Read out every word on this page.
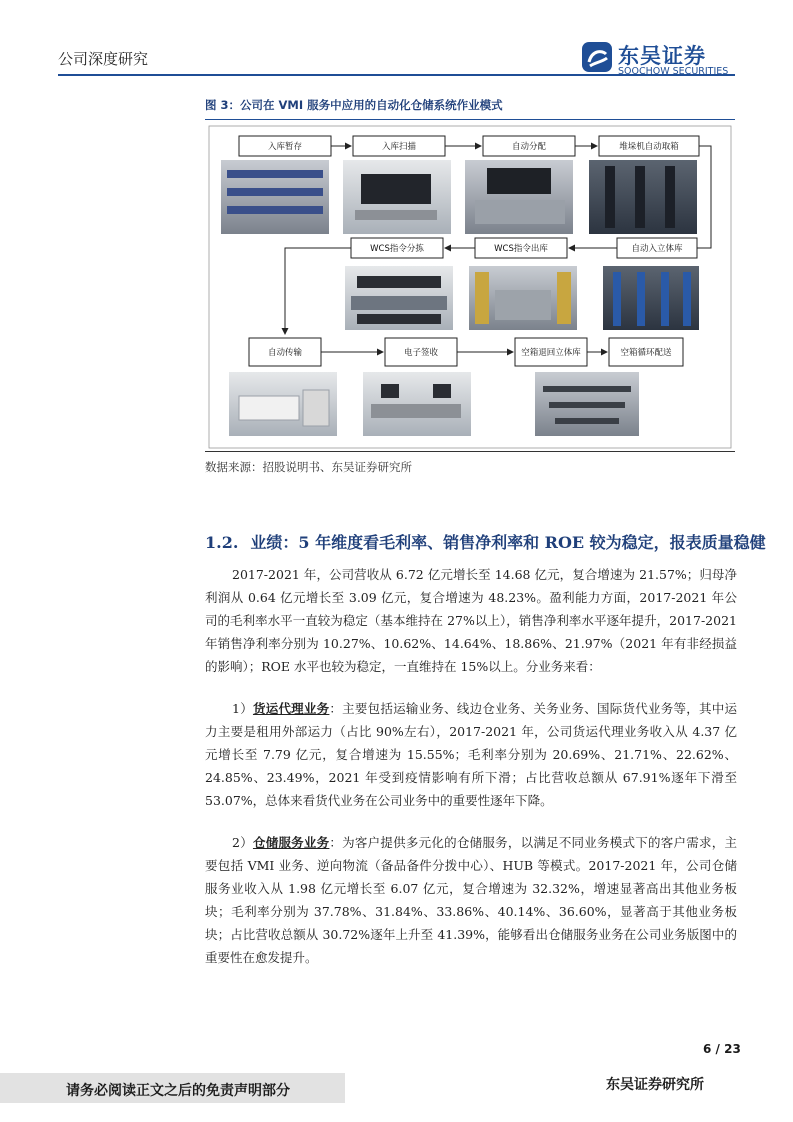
公司深度研究	东吴证券
SOOCHOW SECURITIES
图 3：公司在 VMI 服务中应用的自动化仓储系统作业模式
入库暂存	入库扫描	自动分配	堆垛机自动取箱
自动入立体库
WCS指令出库
WCS指令分拣
自动传输	电子签收	空箱退回立体库	空箱循环配送
数据来源：招股说明书、东吴证券研究所
1.2. 业绩：5 年维度看毛利率、销售净利率和 ROE 较为稳定，报表质量稳健
2017-2021 年，公司营收从 6.72 亿元增长至 14.68 亿元，复合增速为 21.57%；归母净利润从 0.64 亿元增长至 3.09 亿元，复合增速为 48.23%。盈利能力方面，2017-2021 年公司的毛利率水平一直较为稳定（基本维持在 27%以上），销售净利率水平逐年提升，2017-2021 年销售净利率分别为 10.27%、10.62%、14.64%、18.86%、21.97%（2021 年有非经损益的影响）；ROE 水平也较为稳定，一直维持在 15%以上。分业务来看：
1）货运代理业务：主要包括运输业务、线边仓业务、关务业务、国际货代业务等，其中运力主要是租用外部运力（占比 90%左右），2017-2021 年，公司货运代理业务收入从 4.37 亿元增长至 7.79 亿元，复合增速为 15.55%；毛利率分别为 20.69%、21.71%、22.62%、24.85%、23.49%，2021 年受到疫情影响有所下滑；占比营收总额从 67.91%逐年下滑至 53.07%，总体来看货代业务在公司业务中的重要性逐年下降。
2）仓储服务业务：为客户提供多元化的仓储服务，以满足不同业务模式下的客户需求，主要包括 VMI 业务、逆向物流（备品备件分拨中心）、HUB 等模式。2017-2021 年，公司仓储服务业收入从 1.98 亿元增长至 6.07 亿元，复合增速为 32.32%，增速显著高出其他业务板块；毛利率分别为 37.78%、31.84%、33.86%、40.14%、36.60%，显著高于其他业务板块；占比营收总额从 30.72%逐年上升至 41.39%，能够看出仓储服务业务在公司业务版图中的重要性在愈发提升。
6 / 23
请务必阅读正文之后的免责声明部分	东吴证券研究所
